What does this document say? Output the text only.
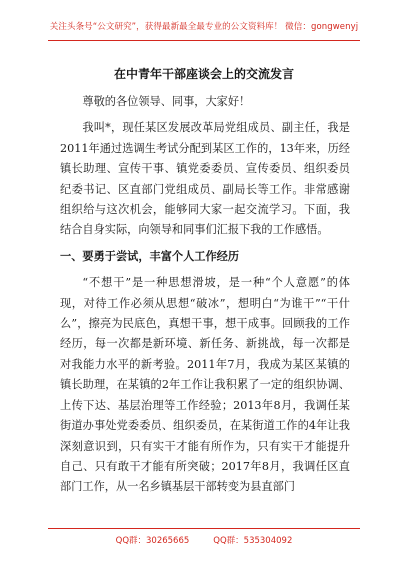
关注头条号“公文研究”，获得最新最全最专业的公文资料库！ 微信：gongwenyj
在中青年干部座谈会上的交流发言

尊敬的各位领导、同事，大家好！

我叫*，现任某区发展改革局党组成员、副主任，我是2011年通过选调生考试分配到某区工作的，13年来，历经镇长助理、宣传干事、镇党委委员、宣传委员、组织委员纪委书记、区直部门党组成员、副局长等工作。非常感谢组织给与这次机会，能够同大家一起交流学习。下面，我结合自身实际，向领导和同事们汇报下我的工作感悟。

一、要勇于尝试，丰富个人工作经历

“不想干”是一种思想滑坡，是一种“个人意愿”的体现，对待工作必须从思想“破冰”，想明白“为谁干”“干什么”，擦亮为民底色，真想干事，想干成事。回顾我的工作经历，每一次都是新环境、新任务、新挑战，每一次都是对我能力水平的新考验。2011年7月，我成为某区某镇的镇长助理，在某镇的2年工作让我积累了一定的组织协调、上传下达、基层治理等工作经验；2013年8月，我调任某街道办事处党委委员、组织委员，在某街道工作的4年让我深刻意识到，只有实干才能有所作为，只有实干才能提升自己、只有敢干才能有所突破；2017年8月，我调任区直部门工作，从一名乡镇基层干部转变为县直部门

QQ群：30265665	QQ群：535304092
